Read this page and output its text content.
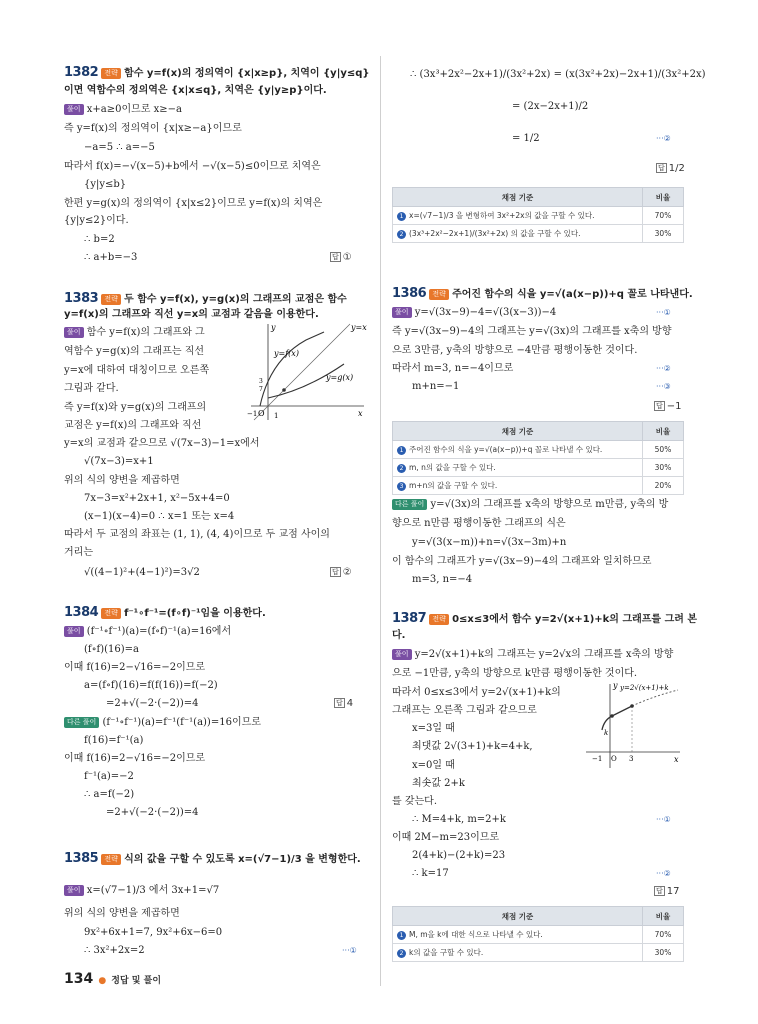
1382 전략 함수 y=f(x)의 정의역이 {x|x≥p}, 치역이 {y|y≤q}
이면 역함수의 정의역은 {x|x≤q}, 치역은 {y|y≥p}이다.
풀이 x+a≥0이므로 x≥−a
즉 y=f(x)의 정의역이 {x|x≥−a}이므로
−a=5 ∴ a=−5
따라서 f(x)=−√(x−5)+b에서 −√(x−5)≤0이므로 치역은
{y|y≤b}
한편 y=g(x)의 정의역이 {x|x≤2}이므로 y=f(x)의 치역은
{y|y≤2}이다.
∴ b=2
∴ a+b=−3	답 ①
1383 전략 두 함수 y=f(x), y=g(x)의 그래프의 교점은 함수
y=f(x)의 그래프와 직선 y=x의 교점과 같음을 이용한다.
풀이 함수 y=f(x)의 그래프와 그
역함수 y=g(x)의 그래프는 직선
y=x에 대하여 대칭이므로 오른쪽
그림과 같다.
즉 y=f(x)와 y=g(x)의 그래프의
교점은 y=f(x)의 그래프와 직선
y=x의 교점과 같으므로 √(7x−3)−1=x에서
√(7x−3)=x+1
위의 식의 양변을 제곱하면
7x−3=x²+2x+1, x²−5x+4=0
(x−1)(x−4)=0 ∴ x=1 또는 x=4
따라서 두 교점의 좌표는 (1, 1), (4, 4)이므로 두 교점 사이의
거리는
√((4−1)²+(4−1)²)=3√2	답 ②
y=x
y=f(x)
y=g(x)
x
y
O
−1 1
3
7
1384 전략 f⁻¹∘f⁻¹=(f∘f)⁻¹임을 이용한다.
풀이 (f⁻¹∘f⁻¹)(a)=(f∘f)⁻¹(a)=16에서
(f∘f)(16)=a
이때 f(16)=2−√16=−2이므로
a=(f∘f)(16)=f(f(16))=f(−2)
=2+√(−2·(−2))=4	답 4
다른 풀이 (f⁻¹∘f⁻¹)(a)=f⁻¹(f⁻¹(a))=16이므로
f(16)=f⁻¹(a)
이때 f(16)=2−√16=−2이므로
f⁻¹(a)=−2
∴ a=f(−2)
=2+√(−2·(−2))=4
1385 전략 식의 값을 구할 수 있도록 x=(√7−1)/3 을 변형한다.
풀이 x=(√7−1)/3 에서 3x+1=√7
위의 식의 양변을 제곱하면
9x²+6x+1=7, 9x²+6x−6=0
∴ 3x²+2x=2	···①
∴ (3x³+2x²−2x+1)/(3x²+2x) = (x(3x²+2x)−2x+1)/(3x²+2x)
= (2x−2x+1)/2
= 1/2	···②
답 1/2
채점 기준	비율
1 x=(√7−1)/3 을 변형하여 3x²+2x의 값을 구할 수 있다.	70%
2 (3x³+2x²−2x+1)/(3x²+2x) 의 값을 구할 수 있다.	30%
1386 전략 주어진 함수의 식을 y=√(a(x−p))+q 꼴로 나타낸다.
풀이 y=√(3x−9)−4=√(3(x−3))−4	···①
즉 y=√(3x−9)−4의 그래프는 y=√(3x)의 그래프를 x축의 방향
으로 3만큼, y축의 방향으로 −4만큼 평행이동한 것이다.
따라서 m=3, n=−4이므로	···②
m+n=−1	···③
답 −1
채점 기준	비율
1 주어진 함수의 식을 y=√(a(x−p))+q 꼴로 나타낼 수 있다.	50%
2 m, n의 값을 구할 수 있다.	30%
3 m+n의 값을 구할 수 있다.	20%
다른 풀이 y=√(3x)의 그래프를 x축의 방향으로 m만큼, y축의 방
향으로 n만큼 평행이동한 그래프의 식은
y=√(3(x−m))+n=√(3x−3m)+n
이 함수의 그래프가 y=√(3x−9)−4의 그래프와 일치하므로
m=3, n=−4
1387 전략 0≤x≤3에서 함수 y=2√(x+1)+k의 그래프를 그려 본
다.
풀이 y=2√(x+1)+k의 그래프는 y=2√x의 그래프를 x축의 방향
으로 −1만큼, y축의 방향으로 k만큼 평행이동한 것이다.
따라서 0≤x≤3에서 y=2√(x+1)+k의
그래프는 오른쪽 그림과 같으므로
x=3일 때
최댓값 2√(3+1)+k=4+k,
x=0일 때
최솟값 2+k
를 갖는다.
∴ M=4+k, m=2+k	···①
이때 2M−m=23이므로
2(4+k)−(2+k)=23
∴ k=17	···②
답 17
y=2√(x+1)+k
x
y
O
−1	3
k
채점 기준	비율
1 M, m을 k에 대한 식으로 나타낼 수 있다.	70%
2 k의 값을 구할 수 있다.	30%
134 ● 정답 및 풀이
